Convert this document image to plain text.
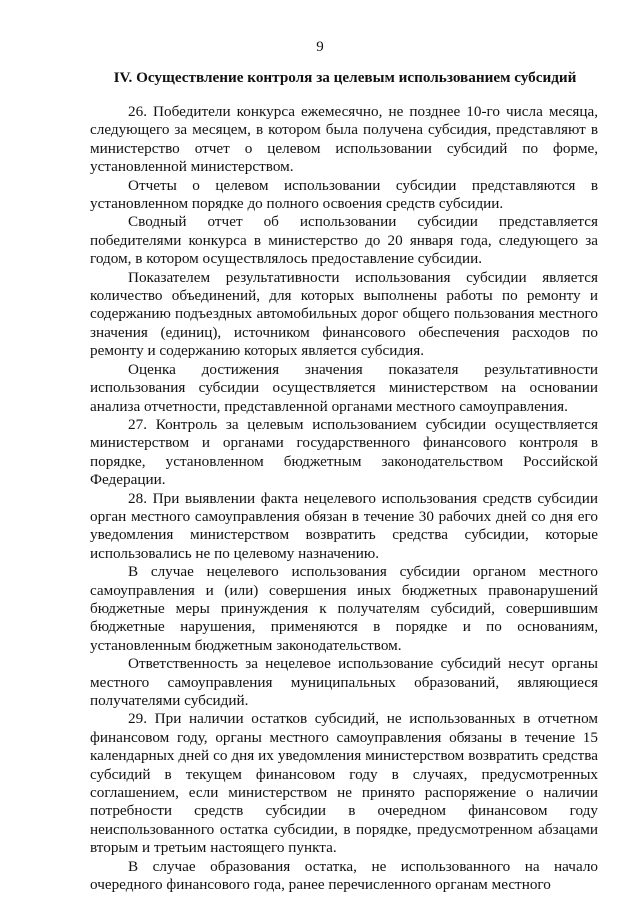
9
IV. Осуществление контроля за целевым использованием субсидий

26. Победители конкурса ежемесячно, не позднее 10-го числа месяца, следующего за месяцем, в котором была получена субсидия, представляют в министерство отчет о целевом использовании субсидий по форме, установленной министерством.

Отчеты о целевом использовании субсидии представляются в установленном порядке до полного освоения средств субсидии.

Сводный отчет об использовании субсидии представляется победителями конкурса в министерство до 20 января года, следующего за годом, в котором осуществлялось предоставление субсидии.

Показателем результативности использования субсидии является количество объединений, для которых выполнены работы по ремонту и содержанию подъездных автомобильных дорог общего пользования местного значения (единиц), источником финансового обеспечения расходов по ремонту и содержанию которых является субсидия.

Оценка достижения значения показателя результативности использования субсидии осуществляется министерством на основании анализа отчетности, представленной органами местного самоуправления.

27. Контроль за целевым использованием субсидии осуществляется министерством и органами государственного финансового контроля в порядке, установленном бюджетным законодательством Российской Федерации.

28. При выявлении факта нецелевого использования средств субсидии орган местного самоуправления обязан в течение 30 рабочих дней со дня его уведомления министерством возвратить средства субсидии, которые использовались не по целевому назначению.

В случае нецелевого использования субсидии органом местного самоуправления и (или) совершения иных бюджетных правонарушений бюджетные меры принуждения к получателям субсидий, совершившим бюджетные нарушения, применяются в порядке и по основаниям, установленным бюджетным законодательством.

Ответственность за нецелевое использование субсидий несут органы местного самоуправления муниципальных образований, являющиеся получателями субсидий.

29. При наличии остатков субсидий, не использованных в отчетном финансовом году, органы местного самоуправления обязаны в течение 15 календарных дней со дня их уведомления министерством возвратить средства субсидий в текущем финансовом году в случаях, предусмотренных соглашением, если министерством не принято распоряжение о наличии потребности средств субсидии в очередном финансовом году неиспользованного остатка субсидии, в порядке, предусмотренном абзацами вторым и третьим настоящего пункта.

В случае образования остатка, не использованного на начало очередного финансового года, ранее перечисленного органам местного
